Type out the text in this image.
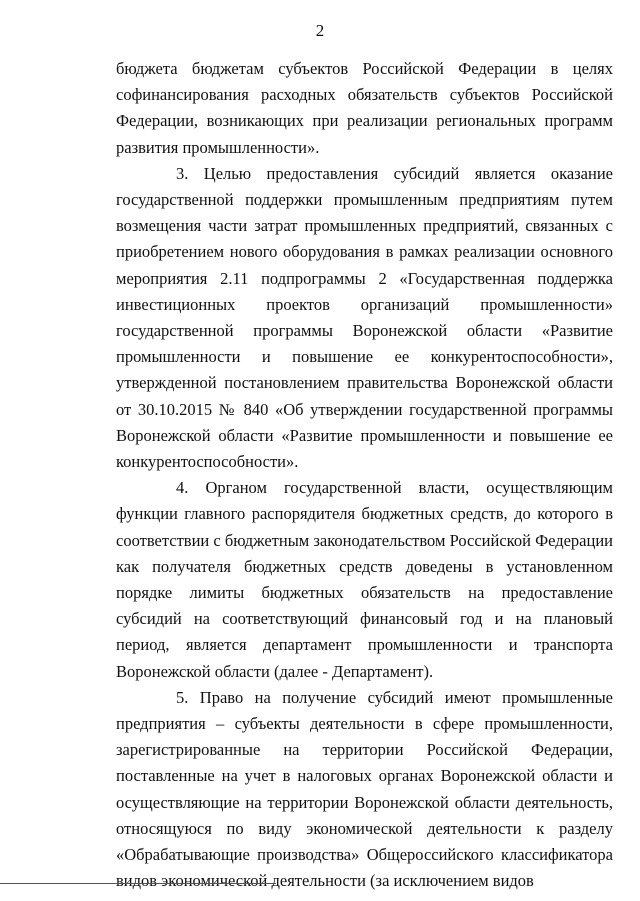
2

бюджета бюджетам субъектов Российской Федерации в целях софинансирования расходных обязательств субъектов Российской Федерации, возникающих при реализации региональных программ развития промышленности».

3. Целью предоставления субсидий является оказание государственной поддержки промышленным предприятиям путем возмещения части затрат промышленных предприятий, связанных с приобретением нового оборудования в рамках реализации основного мероприятия 2.11 подпрограммы 2 «Государственная поддержка инвестиционных проектов организаций промышленности» государственной программы Воронежской области «Развитие промышленности и повышение ее конкурентоспособности», утвержденной постановлением правительства Воронежской области от 30.10.2015 № 840 «Об утверждении государственной программы Воронежской области «Развитие промышленности и повышение ее конкурентоспособности».

4. Органом государственной власти, осуществляющим функции главного распорядителя бюджетных средств, до которого в соответствии с бюджетным законодательством Российской Федерации как получателя бюджетных средств доведены в установленном порядке лимиты бюджетных обязательств на предоставление субсидий на соответствующий финансовый год и на плановый период, является департамент промышленности и транспорта Воронежской области (далее - Департамент).

5. Право на получение субсидий имеют промышленные предприятия – субъекты деятельности в сфере промышленности, зарегистрированные на территории Российской Федерации, поставленные на учет в налоговых органах Воронежской области и осуществляющие на территории Воронежской области деятельность, относящуюся по виду экономической деятельности к разделу «Обрабатывающие производства» Общероссийского классификатора видов экономической деятельности (за исключением видов
